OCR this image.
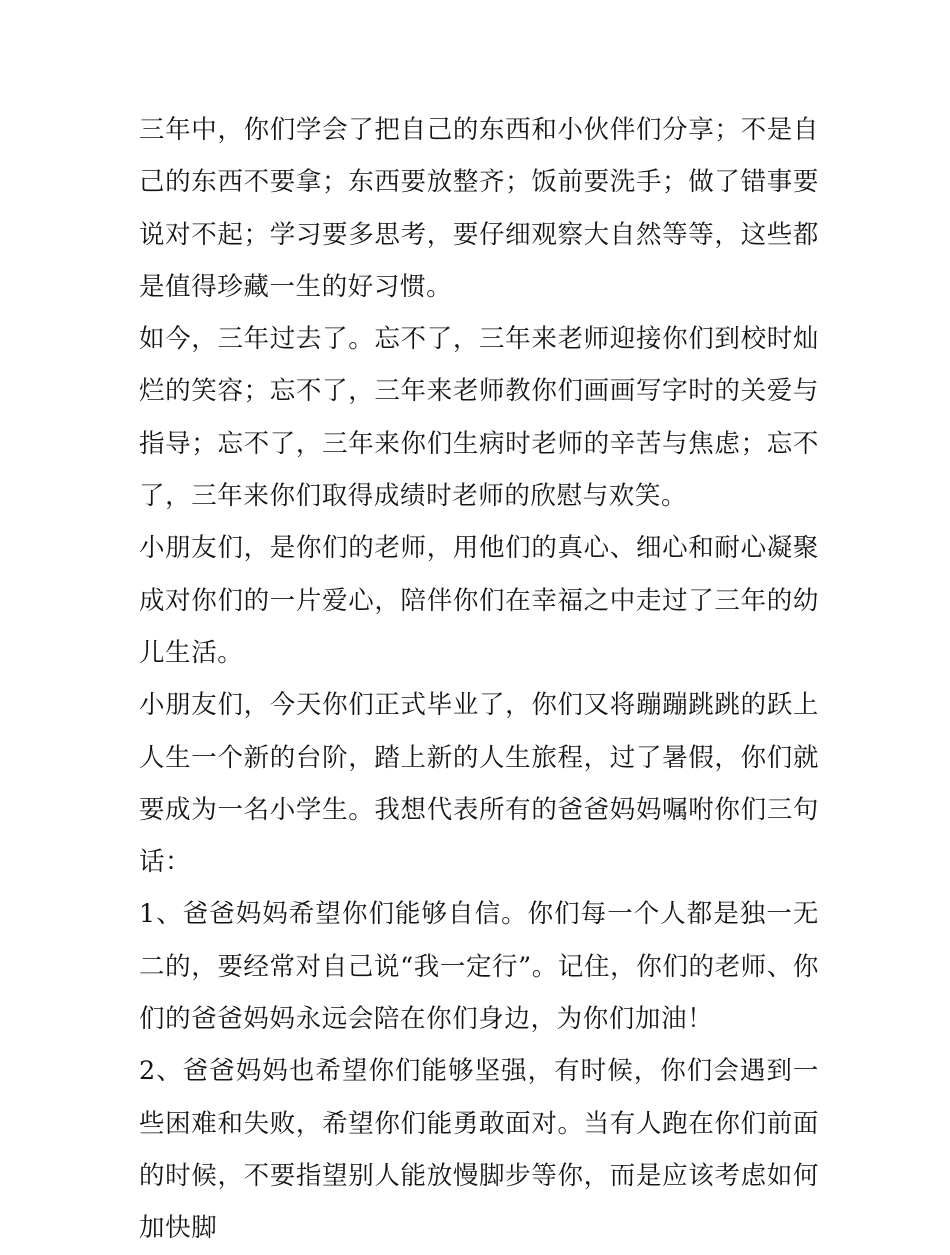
三年中，你们学会了把自己的东西和小伙伴们分享；不是自己的东西不要拿；东西要放整齐；饭前要洗手；做了错事要说对不起；学习要多思考，要仔细观察大自然等等，这些都是值得珍藏一生的好习惯。

如今，三年过去了。忘不了，三年来老师迎接你们到校时灿烂的笑容；忘不了，三年来老师教你们画画写字时的关爱与指导；忘不了，三年来你们生病时老师的辛苦与焦虑；忘不了，三年来你们取得成绩时老师的欣慰与欢笑。

小朋友们，是你们的老师，用他们的真心、细心和耐心凝聚成对你们的一片爱心，陪伴你们在幸福之中走过了三年的幼儿生活。

小朋友们，今天你们正式毕业了，你们又将蹦蹦跳跳的跃上人生一个新的台阶，踏上新的人生旅程，过了暑假，你们就要成为一名小学生。我想代表所有的爸爸妈妈嘱咐你们三句话：

1、爸爸妈妈希望你们能够自信。你们每一个人都是独一无二的，要经常对自己说“我一定行”。记住，你们的老师、你们的爸爸妈妈永远会陪在你们身边，为你们加油！

2、爸爸妈妈也希望你们能够坚强，有时候，你们会遇到一些困难和失败，希望你们能勇敢面对。当有人跑在你们前面的时候，不要指望别人能放慢脚步等你，而是应该考虑如何加快脚
